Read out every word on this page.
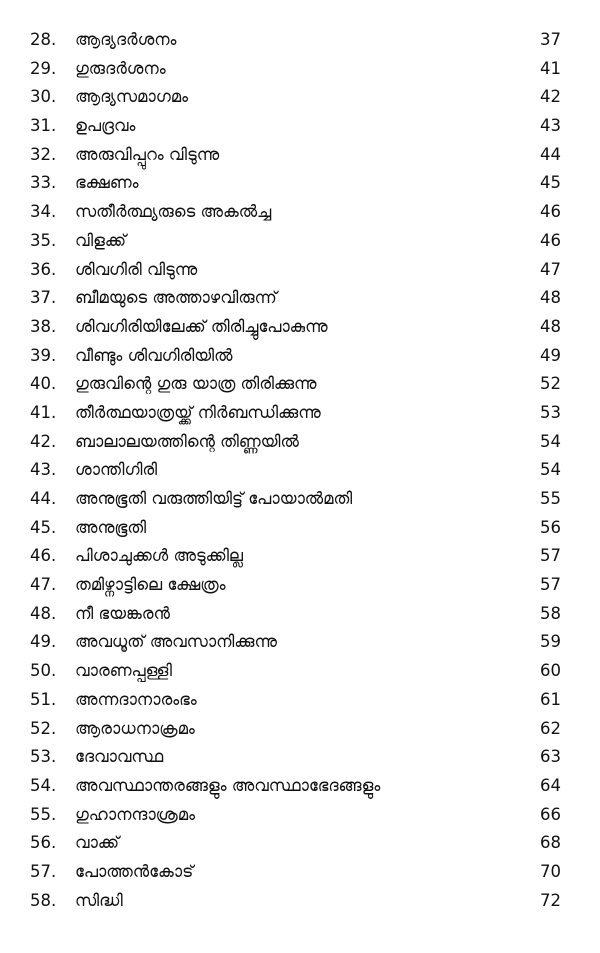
28. ആദ്യദർശനം	37
29. ഗുരുദർശനം	41
30. ആദ്യസമാഗമം	42
31. ഉപദ്രവം	43
32. അരുവിപ്പുറം വിടുന്നു	44
33. ഭക്ഷണം	45
34. സതീർത്ഥ്യരുടെ അകൽച്ച	46
35. വിളക്ക്	46
36. ശിവഗിരി വിടുന്നു	47
37. ബീമയുടെ അത്താഴവിരുന്ന്	48
38. ശിവഗിരിയിലേക്ക് തിരിച്ചുപോകുന്നു	48
39. വീണ്ടും ശിവഗിരിയിൽ	49
40. ഗുരുവിന്റെ ഗുരു യാത്ര തിരിക്കുന്നു	52
41. തീർത്ഥയാത്രയ്ക്ക് നിർബന്ധിക്കുന്നു	53
42. ബാലാലയത്തിന്റെ തിണ്ണയിൽ	54
43. ശാന്തിഗിരി	54
44. അനുഭൂതി വരുത്തിയിട്ട് പോയാൽമതി	55
45. അനുഭൂതി	56
46. പിശാചുക്കൾ അടുക്കില്ല	57
47. തമിഴ്നാട്ടിലെ ക്ഷേത്രം	57
48. നീ ഭയങ്കരൻ	58
49. അവധൂത് അവസാനിക്കുന്നു	59
50. വാരണപ്പള്ളി	60
51. അന്നദാനാരംഭം	61
52. ആരാധനാക്രമം	62
53. ദേവാവസ്ഥ	63
54. അവസ്ഥാന്തരങ്ങളും അവസ്ഥാഭേദങ്ങളും	64
55. ഗുഹാനന്ദാശ്രമം	66
56. വാക്ക്	68
57. പോത്തൻകോട്	70
58. സിദ്ധി	72
